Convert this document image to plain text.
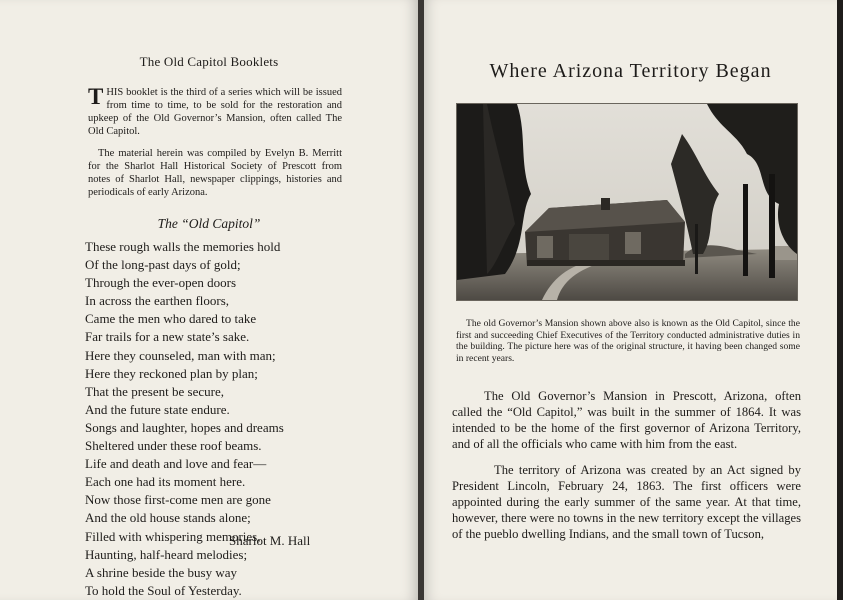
The Old Capitol Booklets

THIS booklet is the third of a series which will be issued from time to time, to be sold for the restoration and upkeep of the Old Governor’s Mansion, often called The Old Capitol.

The material herein was compiled by Evelyn B. Merritt for the Sharlot Hall Historical Society of Prescott from notes of Sharlot Hall, newspaper clippings, histories and periodicals of early Arizona.

The “Old Capitol”
These rough walls the memories hold
Of the long-past days of gold;
Through the ever-open doors
In across the earthen floors,
Came the men who dared to take
Far trails for a new state’s sake.
Here they counseled, man with man;
Here they reckoned plan by plan;
That the present be secure,
And the future state endure.
Songs and laughter, hopes and dreams
Sheltered under these roof beams.
Life and death and love and fear—
Each one had its moment here.
Now those first-come men are gone
And the old house stands alone;
Filled with whispering memories,
Haunting, half-heard melodies;
A shrine beside the busy way
To hold the Soul of Yesterday.
Sharlot M. Hall
Where Arizona Territory Began

The old Governor’s Mansion shown above also is known as the Old Capitol, since the first and succeeding Chief Executives of the Territory conducted administrative duties in the building. The picture here was of the original structure, it having been changed some in recent years.

The Old Governor’s Mansion in Prescott, Arizona, often called the “Old Capitol,” was built in the summer of 1864. It was intended to be the home of the first governor of Arizona Territory, and of all the officials who came with him from the east.

The territory of Arizona was created by an Act signed by President Lincoln, February 24, 1863. The first officers were appointed during the early summer of the same year. At that time, however, there were no towns in the new territory except the villages of the pueblo dwelling Indians, and the small town of Tucson,
